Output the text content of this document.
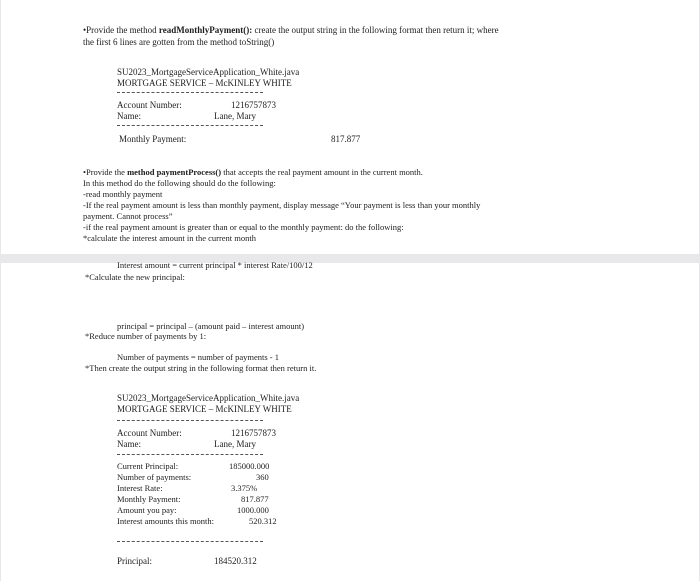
•Provide the method readMonthlyPayment(): create the output string in the following format then return it; where
the first 6 lines are gotten from the method toString()
SU2023_MortgageServiceApplication_White.java
MORTGAGE SERVICE – McKINLEY WHITE
Account Number:	1216757873
Name:	Lane, Mary
Monthly Payment:	817.877
•Provide the method paymentProcess() that accepts the real payment amount in the current month.
In this method do the following should do the following:
-read monthly payment
-If the real payment amount is less than monthly payment, display message “Your payment is less than your monthly
payment. Cannot process”
-if the real payment amount is greater than or equal to the monthly payment: do the following:
*calculate the interest amount in the current month
Interest amount = current principal * interest Rate/100/12
*Calculate the new principal:
principal = principal – (amount paid – interest amount)
*Reduce number of payments by 1:
Number of payments = number of payments - 1
*Then create the output string in the following format then return it.
SU2023_MortgageServiceApplication_White.java
MORTGAGE SERVICE – McKINLEY WHITE
Account Number:	1216757873
Name:	Lane, Mary
Current Principal:	185000.000
Number of payments:	360
Interest Rate:	3.375%
Monthly Payment:	817.877
Amount you pay:	1000.000
Interest amounts this month:	520.312
Principal:	184520.312
